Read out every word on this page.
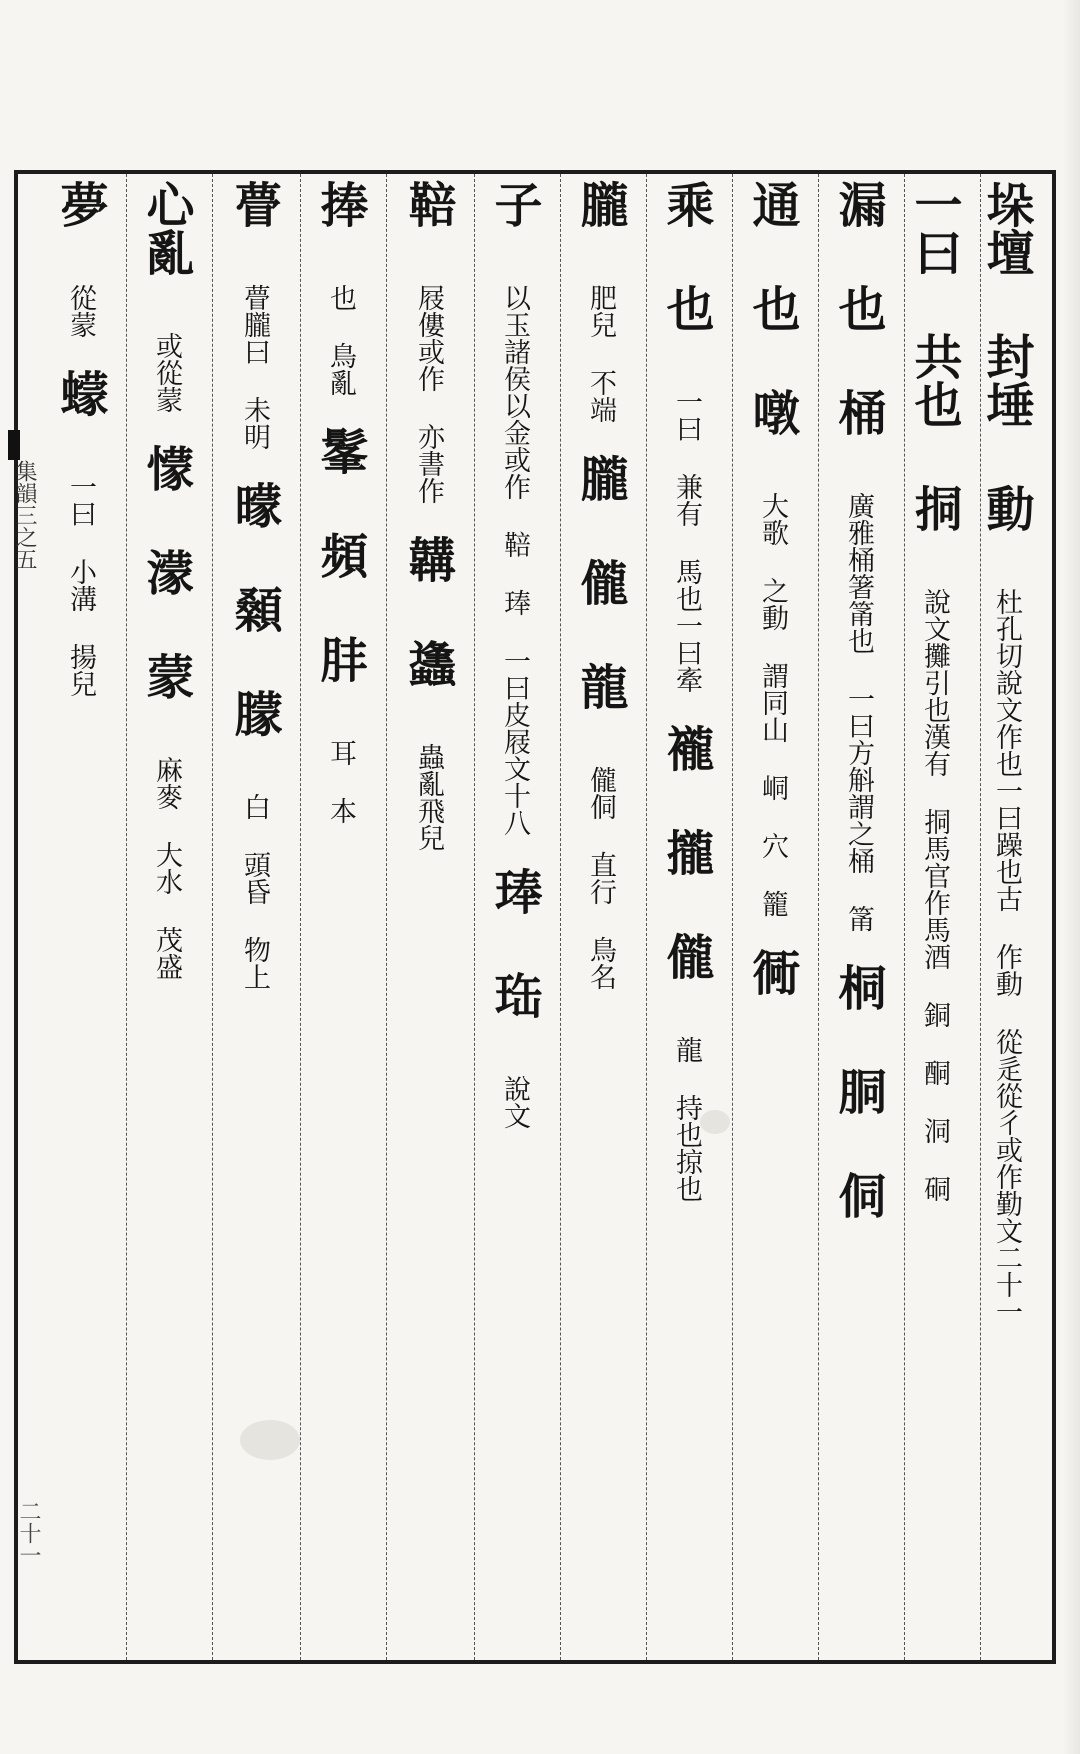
集韻三之五
二十一

垛壇 封埵 動 杜孔切說文作也一曰躁也古 作動 從辵從彳或作勤文二十一

一曰 共也 挏 說文攤引也漢有 挏馬官作馬酒 銅 酮 洞 硐

漏 也 桶 廣雅桶箸筩也 一曰方斛謂之桶 筩 桐 胴 侗

通 也 噋 大歌 之動 謂同山 峒 穴 籠 衕

乘 也 一曰 兼有 馬也一曰牽 襱 攏 儱 龍 持也掠也

朧 肥兒 不端 朧 儱 龍 儱侗 直行 鳥名

子 以玉諸侯以金或作 鞛 琫 一曰皮屐文十八 琫 珤 說文

鞛 屐僂或作 亦書作 韝 蠭 蟲亂飛兒

捧 也 鳥亂 髼 頻 肨 耳 本

瞢 瞢朧曰 未明 曚 顙 朦 白 頭昏 物上

心亂 或從蒙 懞 濛 蒙 麻麥 大水 茂盛

夢 從蒙 蠓 一曰 小溝 揚兒
